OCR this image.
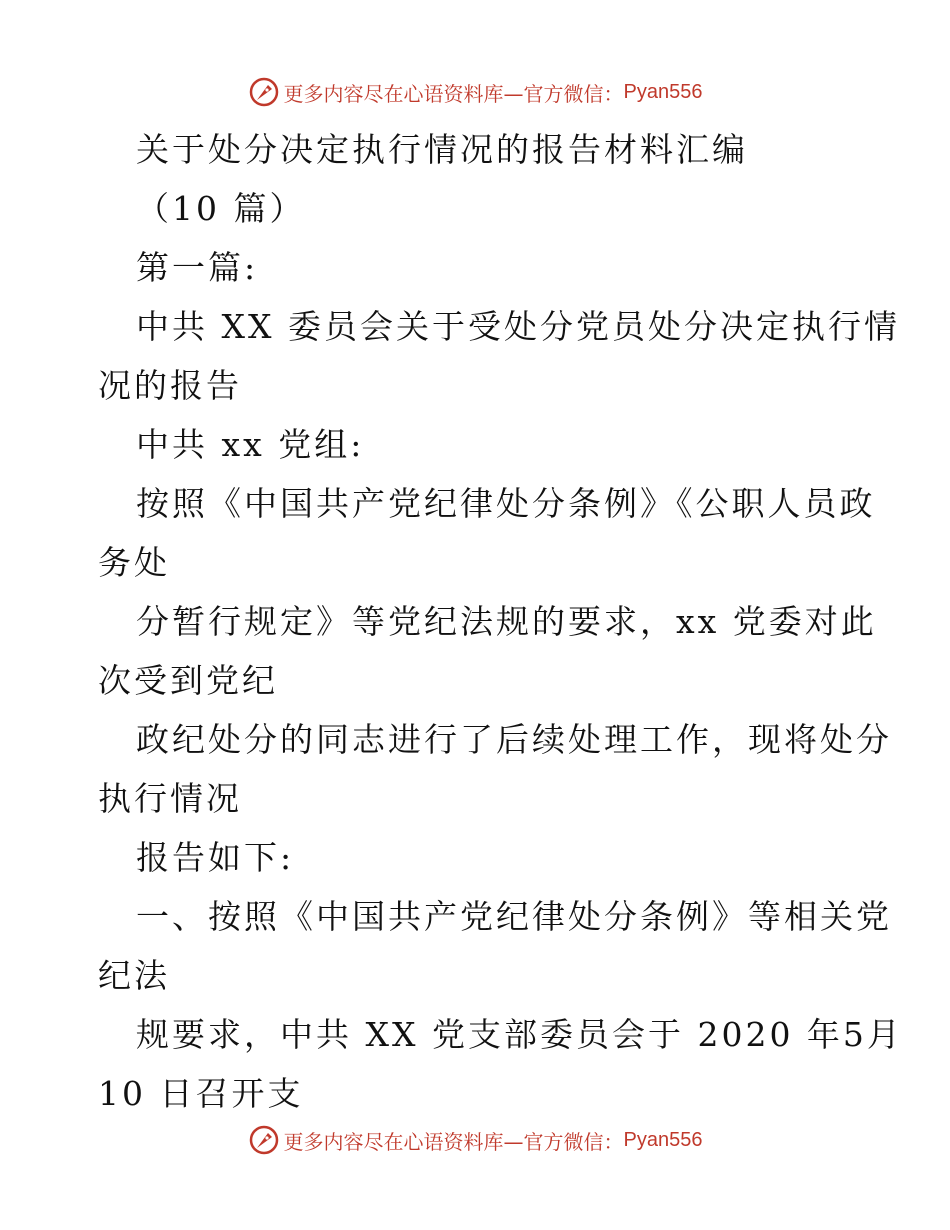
更多内容尽在心语资料库—官方微信： Pyan556
关于处分决定执行情况的报告材料汇编
（10 篇）
第一篇:
中共 XX 委员会关于受处分党员处分决定执行情
况的报告
中共 xx 党组:
按照《中国共产党纪律处分条例》《公职人员政
务处
分暂行规定》等党纪法规的要求，xx 党委对此
次受到党纪
政纪处分的同志进行了后续处理工作，现将处分
执行情况
报告如下:
一、按照《中国共产党纪律处分条例》等相关党
纪法
规要求，中共 XX 党支部委员会于 2020 年5月
10 日召开支
更多内容尽在心语资料库—官方微信： Pyan556
